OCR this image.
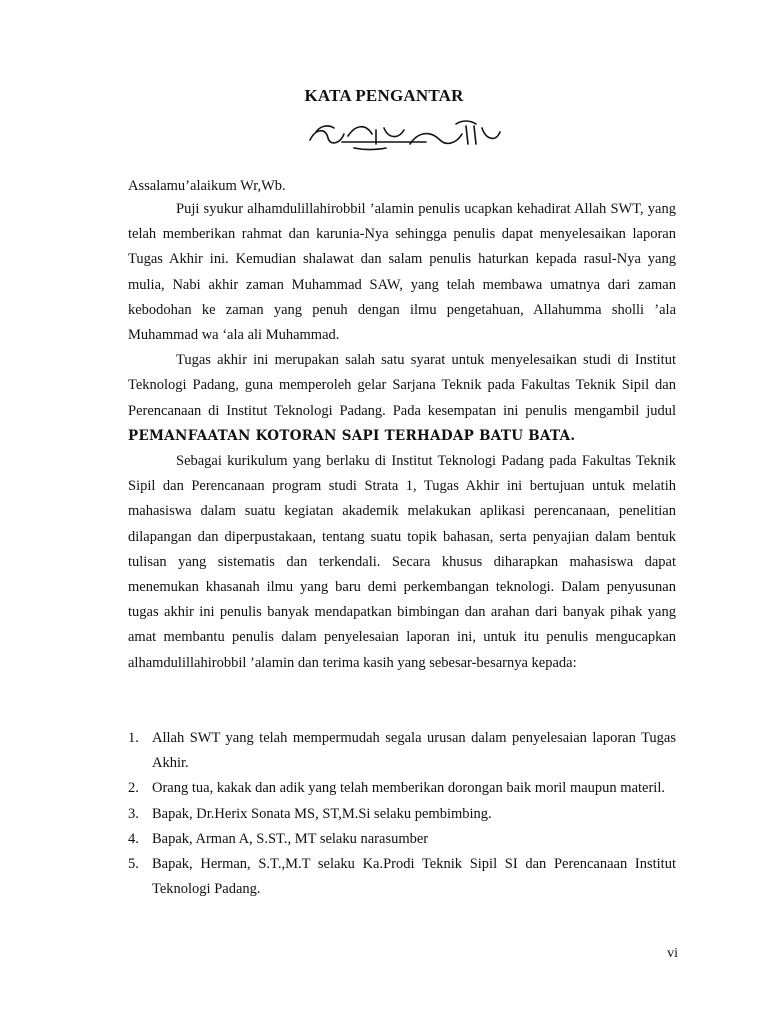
KATA PENGANTAR
Assalamu’alaikum Wr,Wb.

Puji syukur alhamdulillahirobbil ’alamin penulis ucapkan kehadirat Allah SWT, yang telah memberikan rahmat dan karunia-Nya sehingga penulis dapat menyelesaikan laporan Tugas Akhir ini. Kemudian shalawat dan salam penulis haturkan kepada rasul-Nya yang mulia, Nabi akhir zaman Muhammad SAW, yang telah membawa umatnya dari zaman kebodohan ke zaman yang penuh dengan ilmu pengetahuan, Allahumma sholli ’ala Muhammad wa ‘ala ali Muhammad.

Tugas akhir ini merupakan salah satu syarat untuk menyelesaikan studi di Institut Teknologi Padang, guna memperoleh gelar Sarjana Teknik pada Fakultas Teknik Sipil dan Perencanaan di Institut Teknologi Padang. Pada kesempatan ini penulis mengambil judul PEMANFAATAN KOTORAN SAPI TERHADAP BATU BATA.

Sebagai kurikulum yang berlaku di Institut Teknologi Padang pada Fakultas Teknik Sipil dan Perencanaan program studi Strata 1, Tugas Akhir ini bertujuan untuk melatih mahasiswa dalam suatu kegiatan akademik melakukan aplikasi perencanaan, penelitian dilapangan dan diperpustakaan, tentang suatu topik bahasan, serta penyajian dalam bentuk tulisan yang sistematis dan terkendali. Secara khusus diharapkan mahasiswa dapat menemukan khasanah ilmu yang baru demi perkembangan teknologi. Dalam penyusunan tugas akhir ini penulis banyak mendapatkan bimbingan dan arahan dari banyak pihak yang amat membantu penulis dalam penyelesaian laporan ini, untuk itu penulis mengucapkan alhamdulillahirobbil ’alamin dan terima kasih yang sebesar-besarnya kepada:

1. Allah SWT yang telah mempermudah segala urusan dalam penyelesaian laporan Tugas Akhir.
2. Orang tua, kakak dan adik yang telah memberikan dorongan baik moril maupun materil.
3. Bapak, Dr.Herix Sonata MS, ST,M.Si selaku pembimbing.
4. Bapak, Arman A, S.ST., MT selaku narasumber
5. Bapak, Herman, S.T.,M.T selaku Ka.Prodi Teknik Sipil SI dan Perencanaan Institut Teknologi Padang.
vi
